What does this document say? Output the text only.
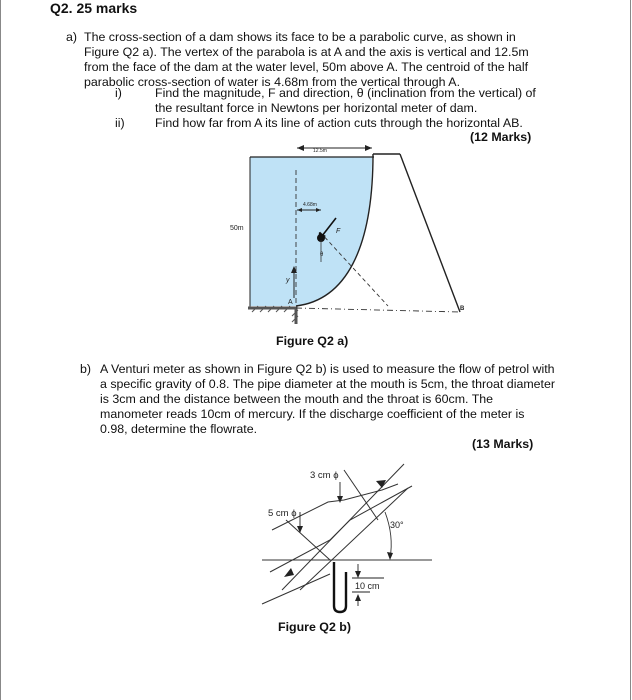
Q2. 25 marks
a) The cross-section of a dam shows its face to be a parabolic curve, as shown in Figure Q2 a). The vertex of the parabola is at A and the axis is vertical and 12.5m from the face of the dam at the water level, 50m above A. The centroid of the half parabolic cross-section of water is 4.68m from the vertical through A.
i)	Find the magnitude, F and direction, θ (inclination from the vertical) of the resultant force in Newtons per horizontal meter of dam.
ii) Find how far from A its line of action cuts through the horizontal AB.
(12 Marks)
12.5m
4.68m
F
θ
y
50m
A
B
Figure Q2 a)
b) A Venturi meter as shown in Figure Q2 b) is used to measure the flow of petrol with a specific gravity of 0.8. The pipe diameter at the mouth is 5cm, the throat diameter is 3cm and the distance between the mouth and the throat is 60cm. The manometer reads 10cm of mercury. If the discharge coefficient of the meter is 0.98, determine the flowrate.
(13 Marks)
30°
10 cm
3 cm ϕ
5 cm ϕ
Figure Q2 b)
